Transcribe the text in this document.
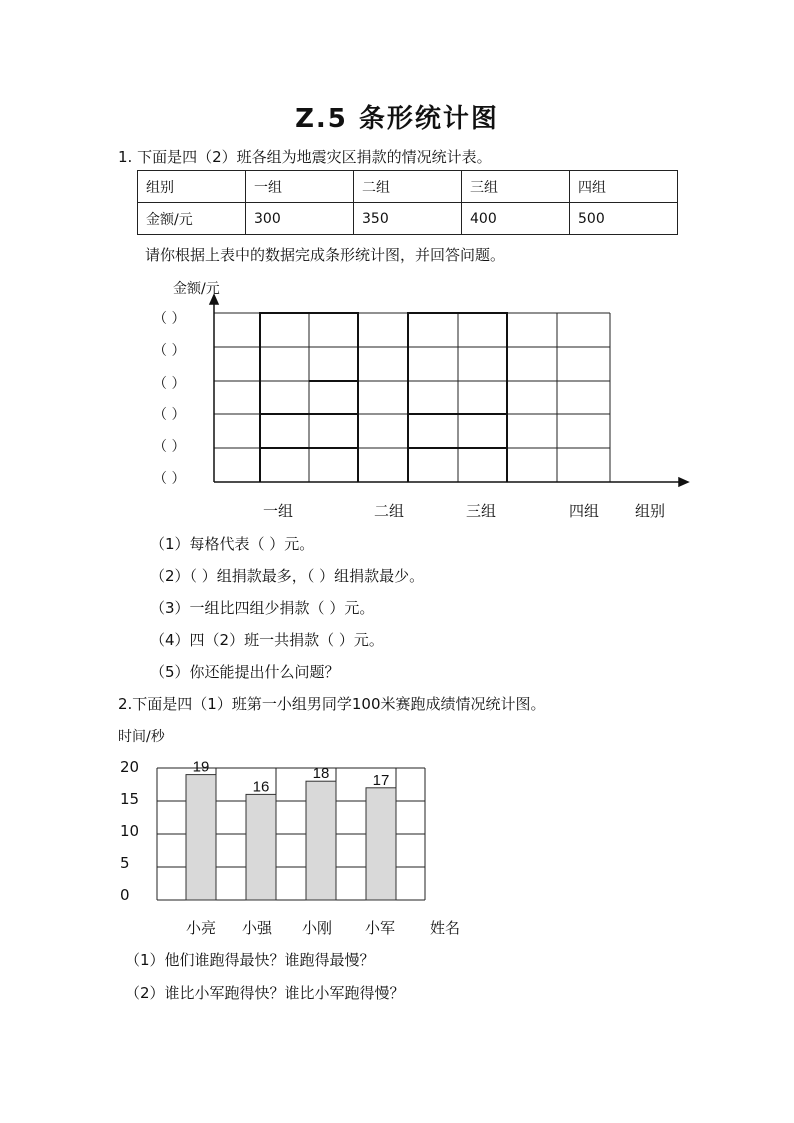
Z.5 条形统计图
1. 下面是四（2）班各组为地震灾区捐款的情况统计表。
组别	一组	二组	三组	四组
金额/元	300	350	400	500
请你根据上表中的数据完成条形统计图，并回答问题。
金额/元
（ ）
（ ）
（ ）
（ ）
（ ）
（ ）
一组	二组	三组	四组 组别
（1）每格代表（ ）元。
（2）（ ）组捐款最多，（ ）组捐款最少。
（3）一组比四组少捐款（ ）元。
（4）四（2）班一共捐款（ ）元。
（5）你还能提出什么问题？
2.下面是四（1）班第一小组男同学100米赛跑成绩情况统计图。
时间/秒
20
15
10
5
0
19
16
18	17
小亮 小强 小刚 小军 姓名
（1）他们谁跑得最快？谁跑得最慢？
（2）谁比小军跑得快？谁比小军跑得慢？
